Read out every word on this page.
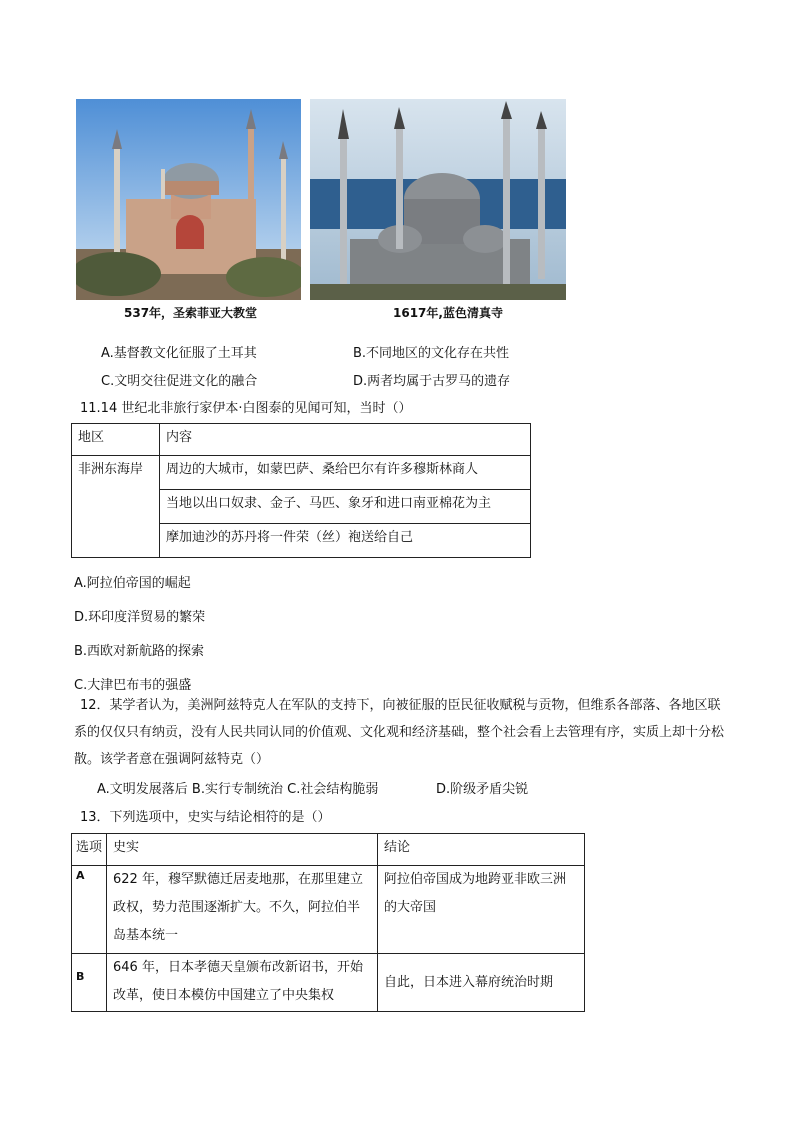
537年，圣索菲亚大教堂	1617年,蓝色清真寺
A.基督教文化征服了土耳其	B.不同地区的文化存在共性
C.文明交往促进文化的融合	D.两者均属于古罗马的遗存
11.14 世纪北非旅行家伊本·白图泰的见闻可知，当时（）
地区	内容
非洲东海岸	周边的大城市，如蒙巴萨、桑给巴尔有许多穆斯林商人
	当地以出口奴隶、金子、马匹、象牙和进口南亚棉花为主
	摩加迪沙的苏丹将一件荣（丝）袍送给自己
A.阿拉伯帝国的崛起
D.环印度洋贸易的繁荣
B.西欧对新航路的探索
C.大津巴布韦的强盛
12．某学者认为，美洲阿兹特克人在军队的支持下，向被征服的臣民征收赋税与贡物，但维系各部落、各地区联系的仅仅只有纳贡，没有人民共同认同的价值观、文化观和经济基础，整个社会看上去管理有序，实质上却十分松散。该学者意在强调阿兹特克（）
A.文明发展落后 B.实行专制统治 C.社会结构脆弱	D.阶级矛盾尖锐
13．下列选项中，史实与结论相符的是（）
选项	史实	结论
A	622 年，穆罕默德迁居麦地那，在那里建立政权，势力范围逐渐扩大。不久，阿拉伯半岛基本统一	阿拉伯帝国成为地跨亚非欧三洲的大帝国
B	646 年，日本孝德天皇颁布改新诏书，开始改革，使日本模仿中国建立了中央集权	自此，日本进入幕府统治时期
